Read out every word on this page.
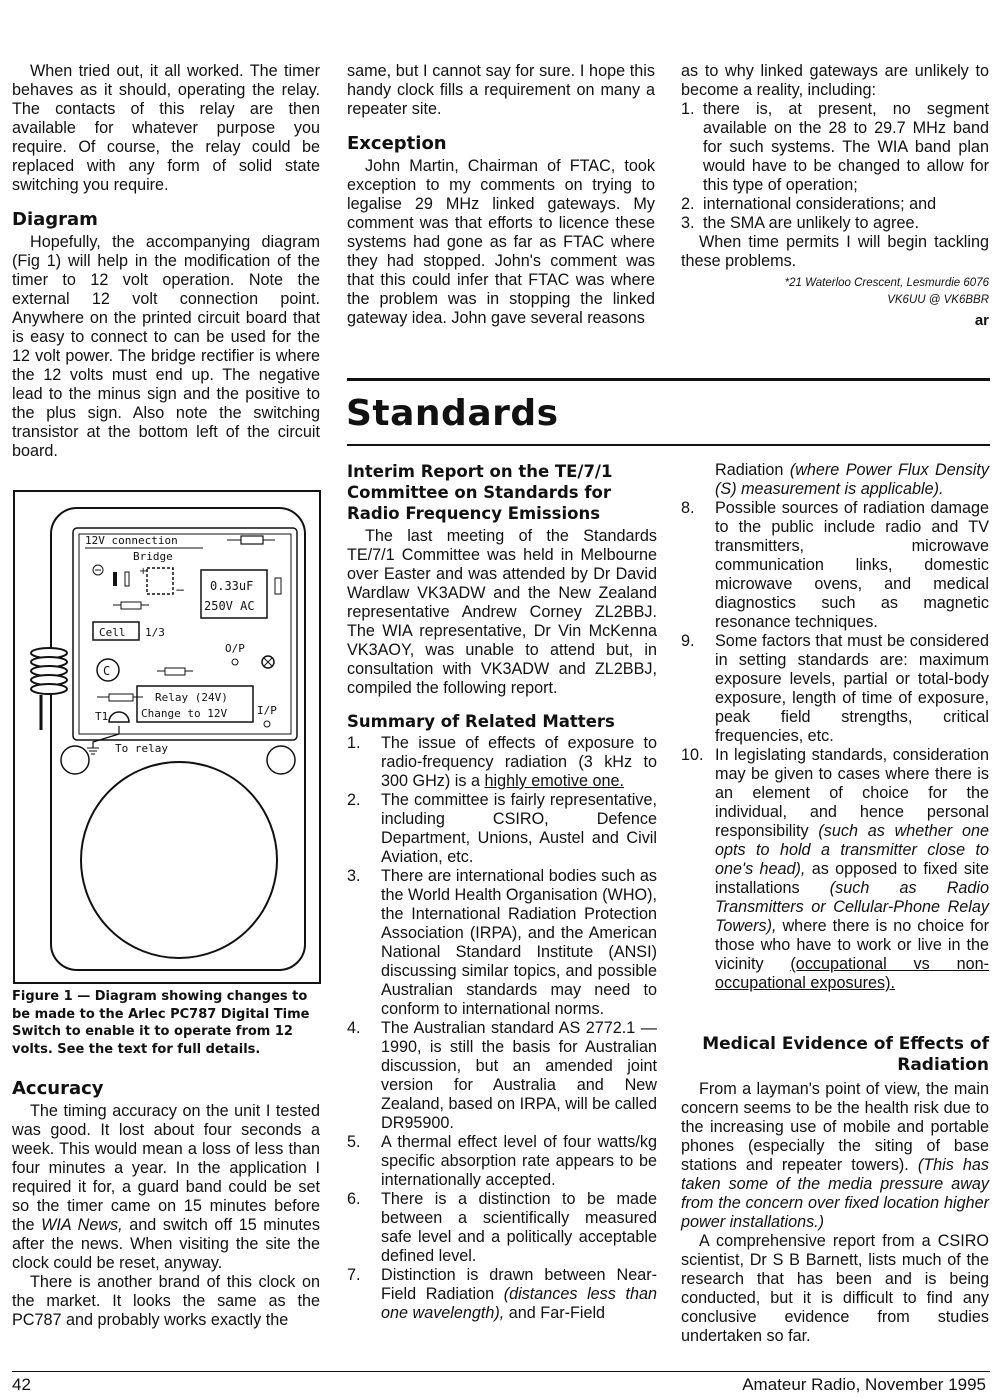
When tried out, it all worked. The timer behaves as it should, operating the relay. The contacts of this relay are then available for whatever purpose you require. Of course, the relay could be replaced with any form of solid state switching you require.

Diagram

Hopefully, the accompanying diagram (Fig 1) will help in the modification of the timer to 12 volt operation. Note the external 12 volt connection point. Anywhere on the printed circuit board that is easy to connect to can be used for the 12 volt power. The bridge rectifier is where the 12 volts must end up. The negative lead to the minus sign and the positive to the plus sign. Also note the switching transistor at the bottom left of the circuit board.

12V connection
Bridge
+
− 0.33uF
250V AC
Cell 1/3
O/P
C
Relay (24V)
Change to 12V	I/P
T1
To relay
Figure 1 — Diagram showing changes to be made to the Arlec PC787 Digital Time Switch to enable it to operate from 12 volts. See the text for full details.
Accuracy

The timing accuracy on the unit I tested was good. It lost about four seconds a week. This would mean a loss of less than four minutes a year. In the application I required it for, a guard band could be set so the timer came on 15 minutes before the WIA News, and switch off 15 minutes after the news. When visiting the site the clock could be reset, anyway.

There is another brand of this clock on the market. It looks the same as the PC787 and probably works exactly the

same, but I cannot say for sure. I hope this handy clock fills a requirement on many a repeater site.

Exception

John Martin, Chairman of FTAC, took exception to my comments on trying to legalise 29 MHz linked gateways. My comment was that efforts to licence these systems had gone as far as FTAC where they had stopped. John's comment was that this could infer that FTAC was where the problem was in stopping the linked gateway idea. John gave several reasons

as to why linked gateways are unlikely to become a reality, including:

1. there is, at present, no segment available on the 28 to 29.7 MHz band for such systems. The WIA band plan would have to be changed to allow for this type of operation;
2. international considerations; and
3. the SMA are unlikely to agree.

When time permits I will begin tackling these problems.

*21 Waterloo Crescent, Lesmurdie 6076
VK6UU @ VK6BBR
ar
Standards
Interim Report on the TE/7/1 Committee on Standards for Radio Frequency Emissions

The last meeting of the Standards TE/7/1 Committee was held in Melbourne over Easter and was attended by Dr David Wardlaw VK3ADW and the New Zealand representative Andrew Corney ZL2BBJ. The WIA representative, Dr Vin McKenna VK3AOY, was unable to attend but, in consultation with VK3ADW and ZL2BBJ, compiled the following report.

Summary of Related Matters
1.	The issue of effects of exposure to radio-frequency radiation (3 kHz to 300 GHz) is a highly emotive one.
2.	The committee is fairly representative, including CSIRO, Defence Department, Unions, Austel and Civil Aviation, etc.
3.	There are international bodies such as the World Health Organisation (WHO), the International Radiation Protection Association (IRPA), and the American National Standard Institute (ANSI) discussing similar topics, and possible Australian standards may need to conform to international norms.
4.	The Australian standard AS 2772.1 — 1990, is still the basis for Australian discussion, but an amended joint version for Australia and New Zealand, based on IRPA, will be called DR95900.
5.	A thermal effect level of four watts/kg specific absorption rate appears to be internationally accepted.
6.	There is a distinction to be made between a scientifically measured safe level and a politically acceptable defined level.
7.	Distinction is drawn between Near-Field Radiation (distances less than one wavelength), and Far-Field
Radiation (where Power Flux Density (S) measurement is applicable).
8.	Possible sources of radiation damage to the public include radio and TV transmitters, microwave communication links, domestic microwave ovens, and medical diagnostics such as magnetic resonance techniques.
9.	Some factors that must be considered in setting standards are: maximum exposure levels, partial or total-body exposure, length of time of exposure, peak field strengths, critical frequencies, etc.
10. In legislating standards, consideration may be given to cases where there is an element of choice for the individual, and hence personal responsibility (such as whether one opts to hold a transmitter close to one's head), as opposed to fixed site installations (such as Radio Transmitters or Cellular-Phone Relay Towers), where there is no choice for those who have to work or live in the vicinity (occupational vs non-occupational exposures).
Medical Evidence of Effects of Radiation

From a layman's point of view, the main concern seems to be the health risk due to the increasing use of mobile and portable phones (especially the siting of base stations and repeater towers). (This has taken some of the media pressure away from the concern over fixed location higher power installations.)

A comprehensive report from a CSIRO scientist, Dr S B Barnett, lists much of the research that has been and is being conducted, but it is difficult to find any conclusive evidence from studies undertaken so far.

42	Amateur Radio, November 1995
